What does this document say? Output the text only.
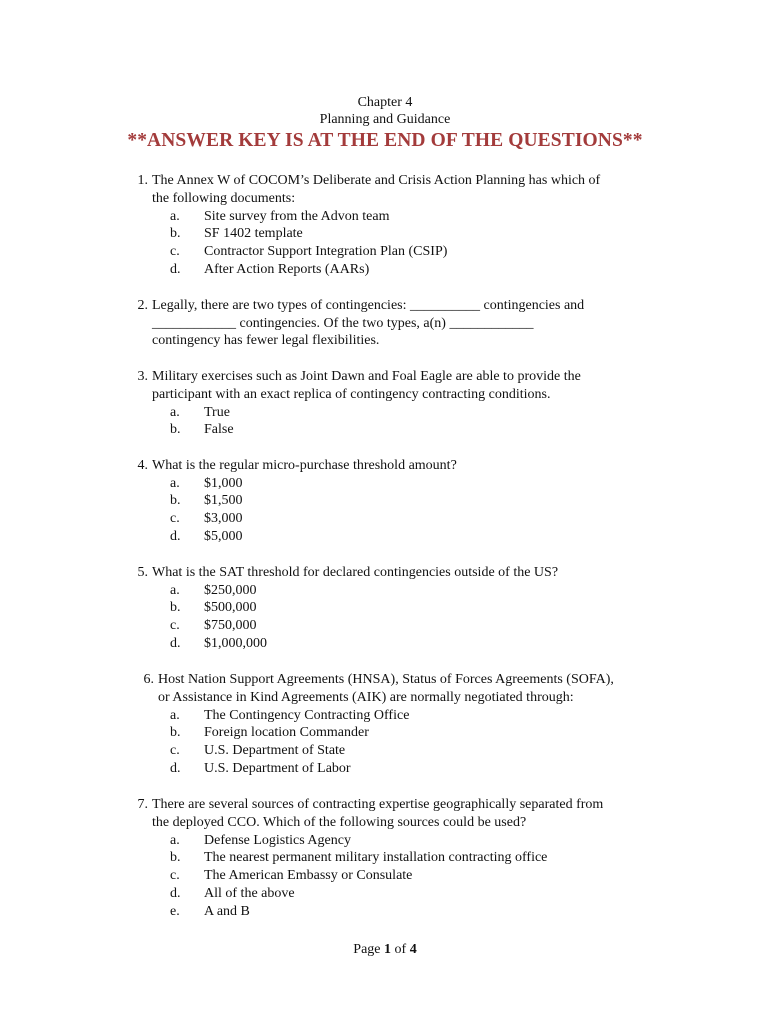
Chapter 4
Planning and Guidance
**ANSWER KEY IS AT THE END OF THE QUESTIONS**
1. The Annex W of COCOM’s Deliberate and Crisis Action Planning has which of
the following documents:
a.	Site survey from the Advon team
b.	SF 1402 template
c.	Contractor Support Integration Plan (CSIP)
d.	After Action Reports (AARs)
2. Legally, there are two types of contingencies: __________ contingencies and
____________ contingencies. Of the two types, a(n) ____________
contingency has fewer legal flexibilities.
3. Military exercises such as Joint Dawn and Foal Eagle are able to provide the
participant with an exact replica of contingency contracting conditions.
a.	True
b.	False
4. What is the regular micro-purchase threshold amount?
a.	$1,000
b.	$1,500
c.	$3,000
d.	$5,000
5. What is the SAT threshold for declared contingencies outside of the US?
a.	$250,000
b.	$500,000
c.	$750,000
d.	$1,000,000
6. Host Nation Support Agreements (HNSA), Status of Forces Agreements (SOFA),
or Assistance in Kind Agreements (AIK) are normally negotiated through:
a.	The Contingency Contracting Office
b.	Foreign location Commander
c.	U.S. Department of State
d.	U.S. Department of Labor
7. There are several sources of contracting expertise geographically separated from
the deployed CCO. Which of the following sources could be used?
a.	Defense Logistics Agency
b.	The nearest permanent military installation contracting office
c.	The American Embassy or Consulate
d.	All of the above
e.	A and B
Page 1 of 4
